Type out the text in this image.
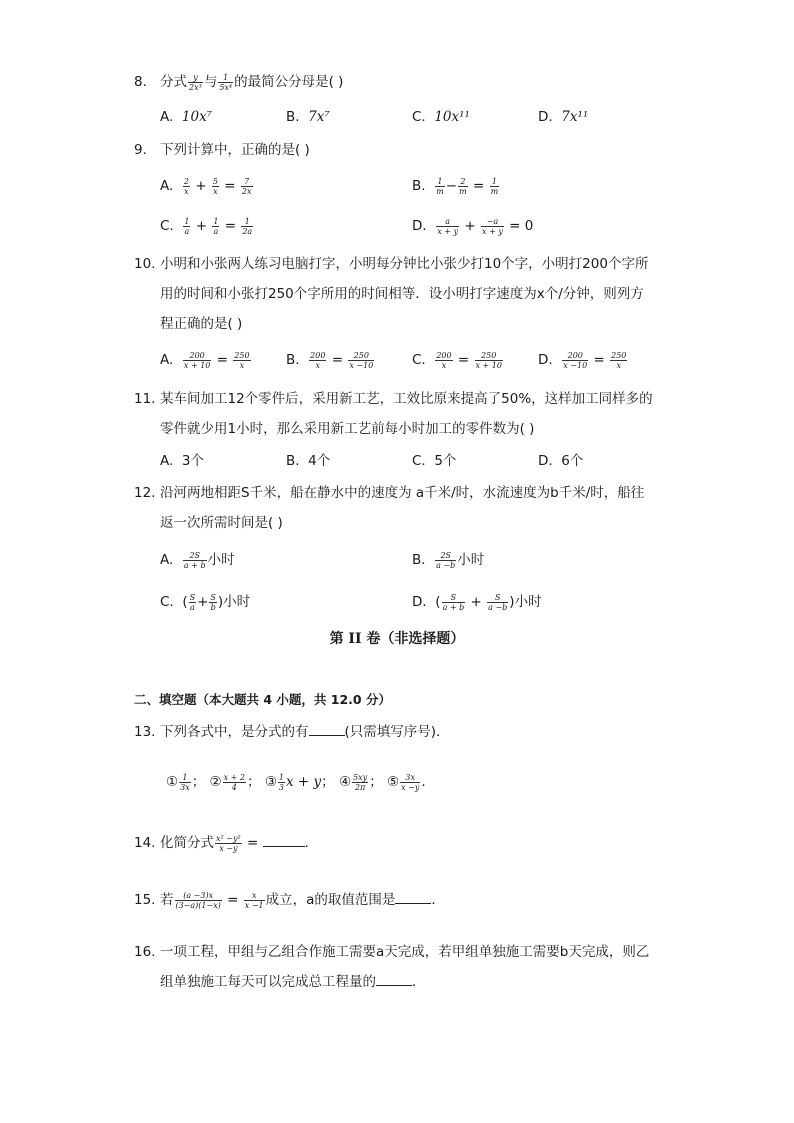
8. 分式 $\frac{y}{\text{2x³}}$ 与 $\frac{1}{\text{5x⁴}}$ 的最简公分母是( )
A. 10x⁷	B. 7x⁷	C. 10x¹¹	D. 7x¹¹
9. 下列计算中，正确的是( )
A. $\frac{2}{x} + \frac{5}{x} = \frac{7}{2x}$	B. $\frac{1}{m} - \frac{2}{m} = \frac{1}{m}$
C. $\frac{1}{a} + \frac{1}{a} = \frac{1}{2a}$	D. $\frac{a}{x + y} + \frac{-a}{x + y} = 0$
10. 小明和小张两人练习电脑打字，小明每分钟比小张少打10个字，小明打200个字所
用的时间和小张打250个字所用的时间相等．设小明打字速度为x个/分钟，则列方
程正确的是( )
A. $\frac{200}{x + 10} = \frac{250}{x}$	B. $\frac{200}{x} = \frac{250}{x -10}$	C. $\frac{200}{x} = \frac{250}{x + 10}$	D. $\frac{200}{x -10} = \frac{250}{x}$
11. 某车间加工12个零件后，采用新工艺，工效比原来提高了50%，这样加工同样多的
零件就少用1小时，那么采用新工艺前每小时加工的零件数为( )
A. 3个	B. 4个	C. 5个	D. 6个
12. 沿河两地相距S千米，船在静水中的速度为 a千米/时，水流速度为b千米/时，船往
返一次所需时间是( )
A. $\frac{2S}{a + b}$ 小时	B. $\frac{2S}{a -b}$ 小时
C. ( $\frac{S}{a} + \frac{S}{b}$ )小时	D. ( $\frac{S}{a + b} + \frac{S}{a -b}$ )小时
第 II 卷（非选择题）
二、填空题（本大题共 4 小题，共 12.0 分）
13. 下列各式中，是分式的有	(只需填写序号)．
① $\frac{1}{3x}$ ； ② $\frac{x + 2}{4}$ ； ③ $\frac{1}{3}$ x + y； ④ $\frac{5xy}{2\pi}$ ； ⑤ $\frac{3x}{x -y}$ .
14. 化简分式 $\frac{\text{x² −y²}}{x -y}$ =	．
15. 若 $\frac{(a -3)x}{(3-a)(1-x)} = \frac{x}{x -1}$ 成立，a的取值范围是	．
16. 一项工程，甲组与乙组合作施工需要a天完成，若甲组单独施工需要b天完成，则乙
组单独施工每天可以完成总工程量的	．
